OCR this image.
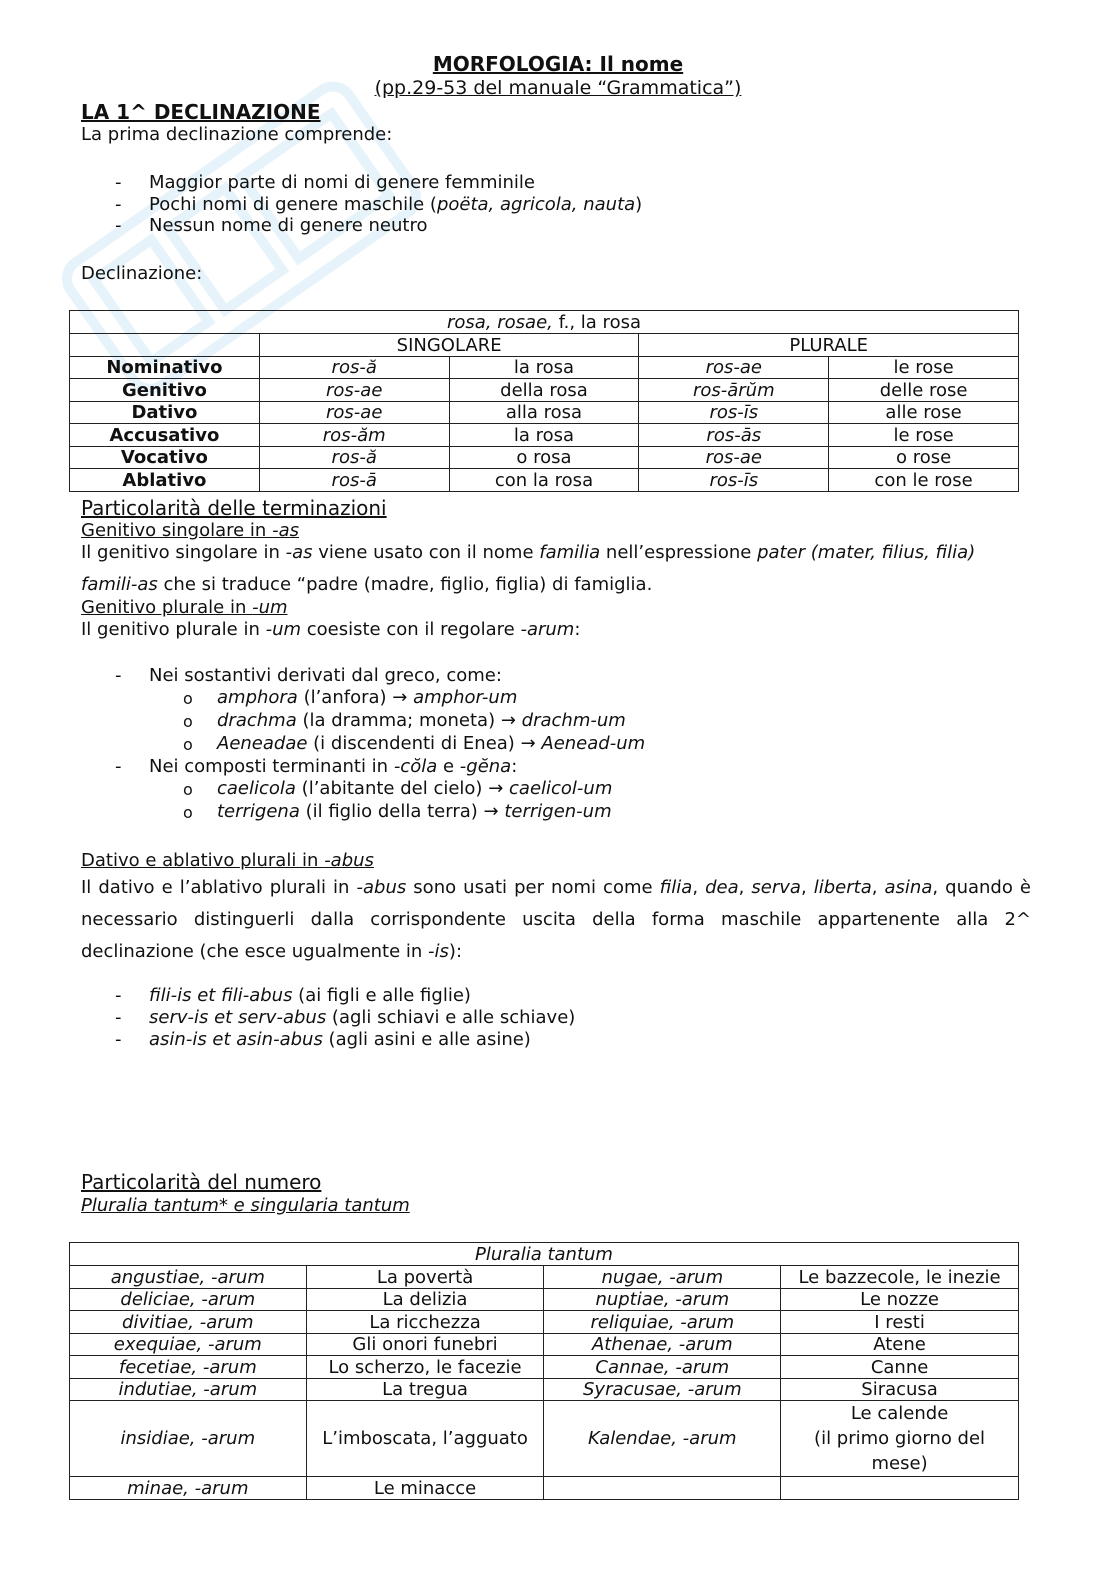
MORFOLOGIA: Il nome
(pp.29-53 del manuale “Grammatica”)
LA 1^ DECLINAZIONE
La prima declinazione comprende:
- Maggior parte di nomi di genere femminile
- Pochi nomi di genere maschile (poëta, agricola, nauta)
- Nessun nome di genere neutro
Declinazione:
rosa, rosae, f., la rosa				
	SINGOLARE		PLURALE	
Nominativo	ros-ă	la rosa	ros-ae	le rose
Genitivo	ros-ae	della rosa	ros-ārŭm	delle rose
Dativo	ros-ae	alla rosa	ros-īs	alle rose
Accusativo	ros-ăm	la rosa	ros-ās	le rose
Vocativo	ros-ă	o rosa	ros-ae	o rose
Ablativo	ros-ā	con la rosa	ros-īs	con le rose
Particolarità delle terminazioni
Genitivo singolare in -as
Il genitivo singolare in -as viene usato con il nome familia nell’espressione pater (mater, filius, filia)
famili-as che si traduce “padre (madre, figlio, figlia) di famiglia.
Genitivo plurale in -um
Il genitivo plurale in -um coesiste con il regolare -arum:
- Nei sostantivi derivati dal greco, come:
o amphora (l’anfora) → amphor-um
o drachma (la dramma; moneta) → drachm-um
o Aeneadae (i discendenti di Enea) → Aenead-um
- Nei composti terminanti in -cŏla e -gĕna:
o caelicola (l’abitante del cielo) → caelicol-um
o terrigena (il figlio della terra) → terrigen-um
Dativo e ablativo plurali in -abus
Il dativo e l’ablativo plurali in -abus sono usati per nomi come filia, dea, serva, liberta, asina, quando è necessario distinguerli dalla corrispondente uscita della forma maschile appartenente alla 2^ declinazione (che esce ugualmente in -is):
- fili-is et fili-abus (ai figli e alle figlie)
- serv-is et serv-abus (agli schiavi e alle schiave)
- asin-is et asin-abus (agli asini e alle asine)
Particolarità del numero
Pluralia tantum* e singularia tantum
Pluralia tantum			
angustiae, -arum	La povertà	nugae, -arum	Le bazzecole, le inezie
deliciae, -arum	La delizia	nuptiae, -arum	Le nozze
divitiae, -arum	La ricchezza	reliquiae, -arum	I resti
exequiae, -arum	Gli onori funebri	Athenae, -arum	Atene
fecetiae, -arum	Lo scherzo, le facezie	Cannae, -arum	Canne
indutiae, -arum	La tregua	Syracusae, -arum	Siracusa
insidiae, -arum	L’imboscata, l’agguato	Kalendae, -arum	Le calende
(il primo giorno del
mese)
minae, -arum	Le minacce		
